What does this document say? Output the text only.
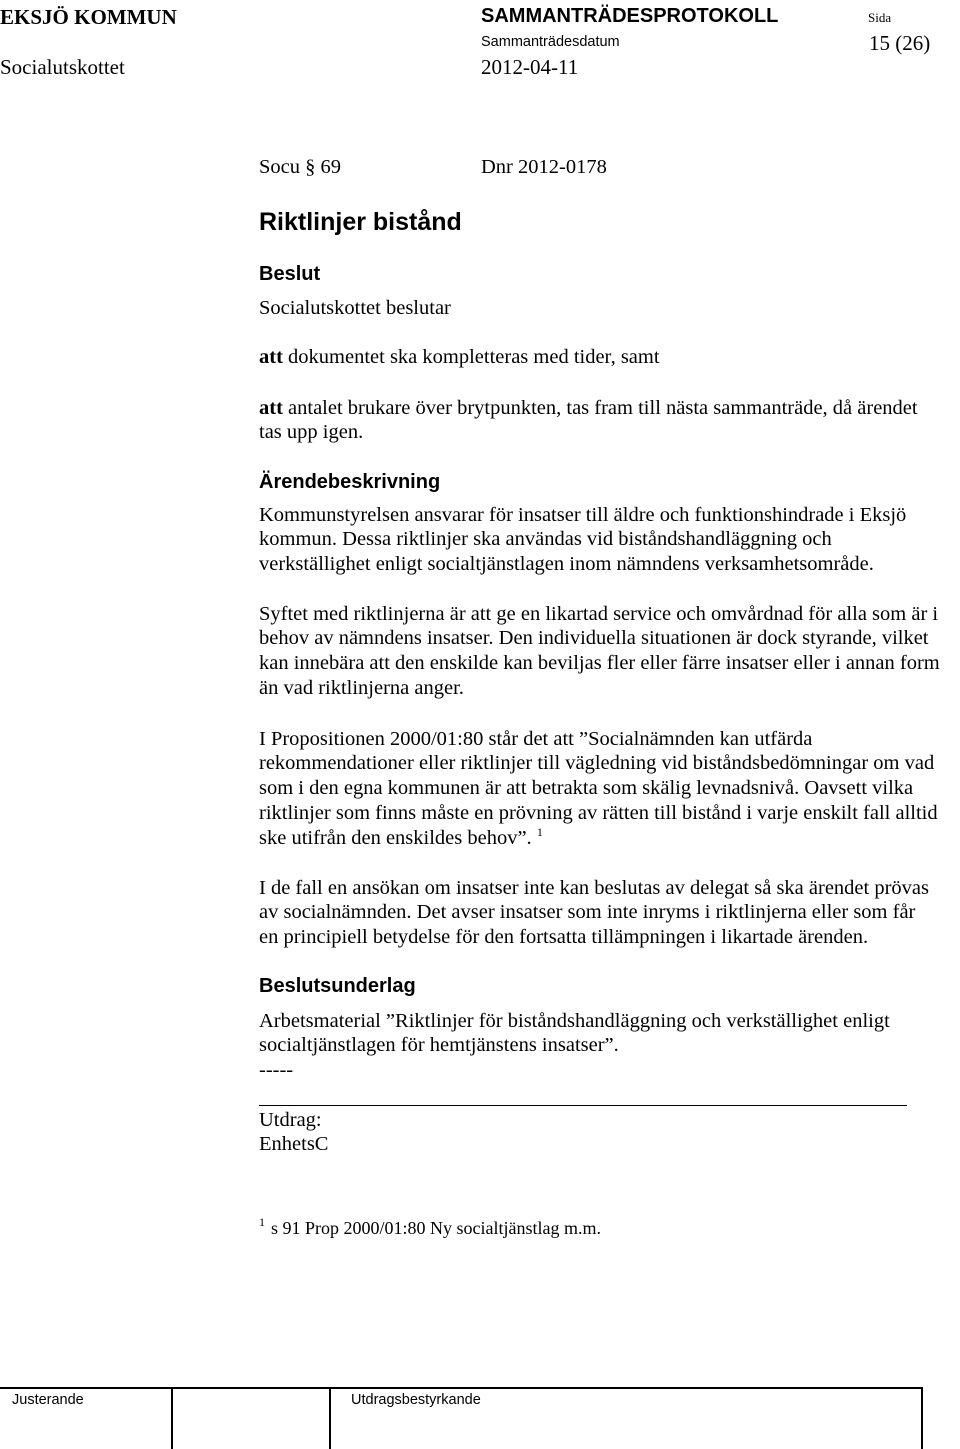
EKSJÖ KOMMUN	SAMMANTRÄDESPROTOKOLL	Sida
Sammanträdesdatum	15 (26)
Socialutskottet	2012-04-11
Socu § 69	Dnr 2012-0178
Riktlinjer bistånd
Beslut
Socialutskottet beslutar
att dokumentet ska kompletteras med tider, samt
att antalet brukare över brytpunkten, tas fram till nästa sammanträde, då ärendet
tas upp igen.
Ärendebeskrivning
Kommunstyrelsen ansvarar för insatser till äldre och funktionshindrade i Eksjö
kommun. Dessa riktlinjer ska användas vid biståndshandläggning och
verkställighet enligt socialtjänstlagen inom nämndens verksamhetsområde.
Syftet med riktlinjerna är att ge en likartad service och omvårdnad för alla som är i
behov av nämndens insatser. Den individuella situationen är dock styrande, vilket
kan innebära att den enskilde kan beviljas fler eller färre insatser eller i annan form
än vad riktlinjerna anger.
I Propositionen 2000/01:80 står det att ”Socialnämnden kan utfärda
rekommendationer eller riktlinjer till vägledning vid biståndsbedömningar om vad
som i den egna kommunen är att betrakta som skälig levnadsnivå. Oavsett vilka
riktlinjer som finns måste en prövning av rätten till bistånd i varje enskilt fall alltid
ske utifrån den enskildes behov”. $^1$
I de fall en ansökan om insatser inte kan beslutas av delegat så ska ärendet prövas
av socialnämnden. Det avser insatser som inte inryms i riktlinjerna eller som får
en principiell betydelse för den fortsatta tillämpningen i likartade ärenden.
Beslutsunderlag
Arbetsmaterial ”Riktlinjer för biståndshandläggning och verkställighet enligt
socialtjänstlagen för hemtjänstens insatser”.
-----
Utdrag:
EnhetsC
1 s 91 Prop 2000/01:80 Ny socialtjänstlag m.m.
Justerande	Utdragsbestyrkande
